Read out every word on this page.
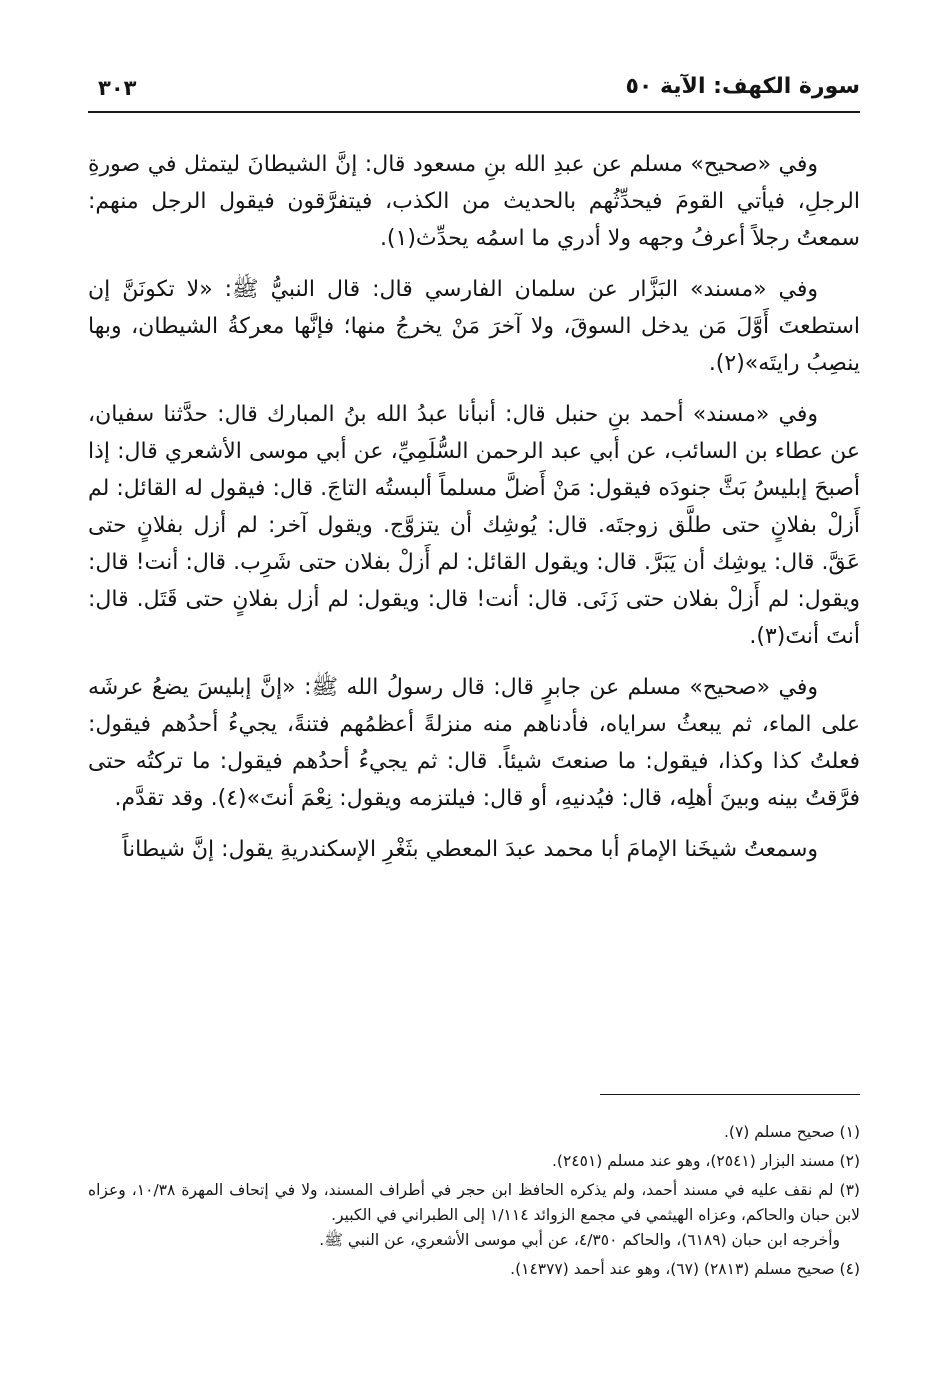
سورة الكهف: الآية ٥٠
٣٠٣

وفي «صحيح» مسلم عن عبدِ الله بنِ مسعود قال: إنَّ الشيطانَ ليتمثل في صورةِ الرجلِ، فيأتي القومَ فيحدِّثُهم بالحديث من الكذب، فيتفرَّقون فيقول الرجل منهم: سمعتُ رجلاً أعرفُ وجهه ولا أدري ما اسمُه يحدِّث(١).

وفي «مسند» البَزَّار عن سلمان الفارسي قال: قال النبيُّ ﷺ: «لا تكونَنَّ إن استطعتَ أَوَّلَ مَن يدخل السوقَ، ولا آخرَ مَنْ يخرجُ منها؛ فإنَّها معركةُ الشيطان، وبها ينصِبُ رايتَه»(٢).

وفي «مسند» أحمد بنِ حنبل قال: أنبأنا عبدُ الله بنُ المبارك قال: حدَّثنا سفيان، عن عطاء بن السائب، عن أبي عبد الرحمن السُّلَمِيِّ، عن أبي موسى الأشعري قال: إذا أصبحَ إبليسُ بَثَّ جنودَه فيقول: مَنْ أَضلَّ مسلماً ألبستُه التاجَ. قال: فيقول له القائل: لم أَزلْ بفلانٍ حتى طلَّق زوجتَه. قال: يُوشِك أن يتزوَّج. ويقول آخر: لم أزل بفلانٍ حتى عَقَّ. قال: يوشِك أن يَبَرَّ. قال: ويقول القائل: لم أَزلْ بفلان حتى شَرِب. قال: أنت! قال: ويقول: لم أَزلْ بفلان حتى زَنَى. قال: أنت! قال: ويقول: لم أزل بفلانٍ حتى قَتَل. قال: أنتَ أنتَ(٣).

وفي «صحيح» مسلم عن جابرٍ قال: قال رسولُ الله ﷺ: «إنَّ إبليسَ يضعُ عرشَه على الماء، ثم يبعثُ سراياه، فأدناهم منه منزلةً أعظمُهم فتنةً، يجيءُ أحدُهم فيقول: فعلتُ كذا وكذا، فيقول: ما صنعتَ شيئاً. قال: ثم يجيءُ أحدُهم فيقول: ما تركتُه حتى فرَّقتُ بينه وبينَ أهلِه، قال: فيُدنيهِ، أو قال: فيلتزمه ويقول: نِعْمَ أنتَ»(٤). وقد تقدَّم.

وسمعتُ شيخَنا الإمامَ أبا محمد عبدَ المعطي بثَغْرِ الإسكندريةِ يقول: إنَّ شيطاناً

(١) صحيح مسلم (٧).
(٢) مسند البزار (٢٥٤١)، وهو عند مسلم (٢٤٥١).
(٣) لم نقف عليه في مسند أحمد، ولم يذكره الحافظ ابن حجر في أطراف المسند، ولا في إتحاف المهرة ١٠/٣٨، وعزاه لابن حبان والحاكم، وعزاه الهيثمي في مجمع الزوائد ١/١١٤ إلى الطبراني في الكبير.
وأخرجه ابن حبان (٦١٨٩)، والحاكم ٤/٣٥٠، عن أبي موسى الأشعري، عن النبي ﷺ.
(٤) صحيح مسلم (٢٨١٣) (٦٧)، وهو عند أحمد (١٤٣٧٧).
